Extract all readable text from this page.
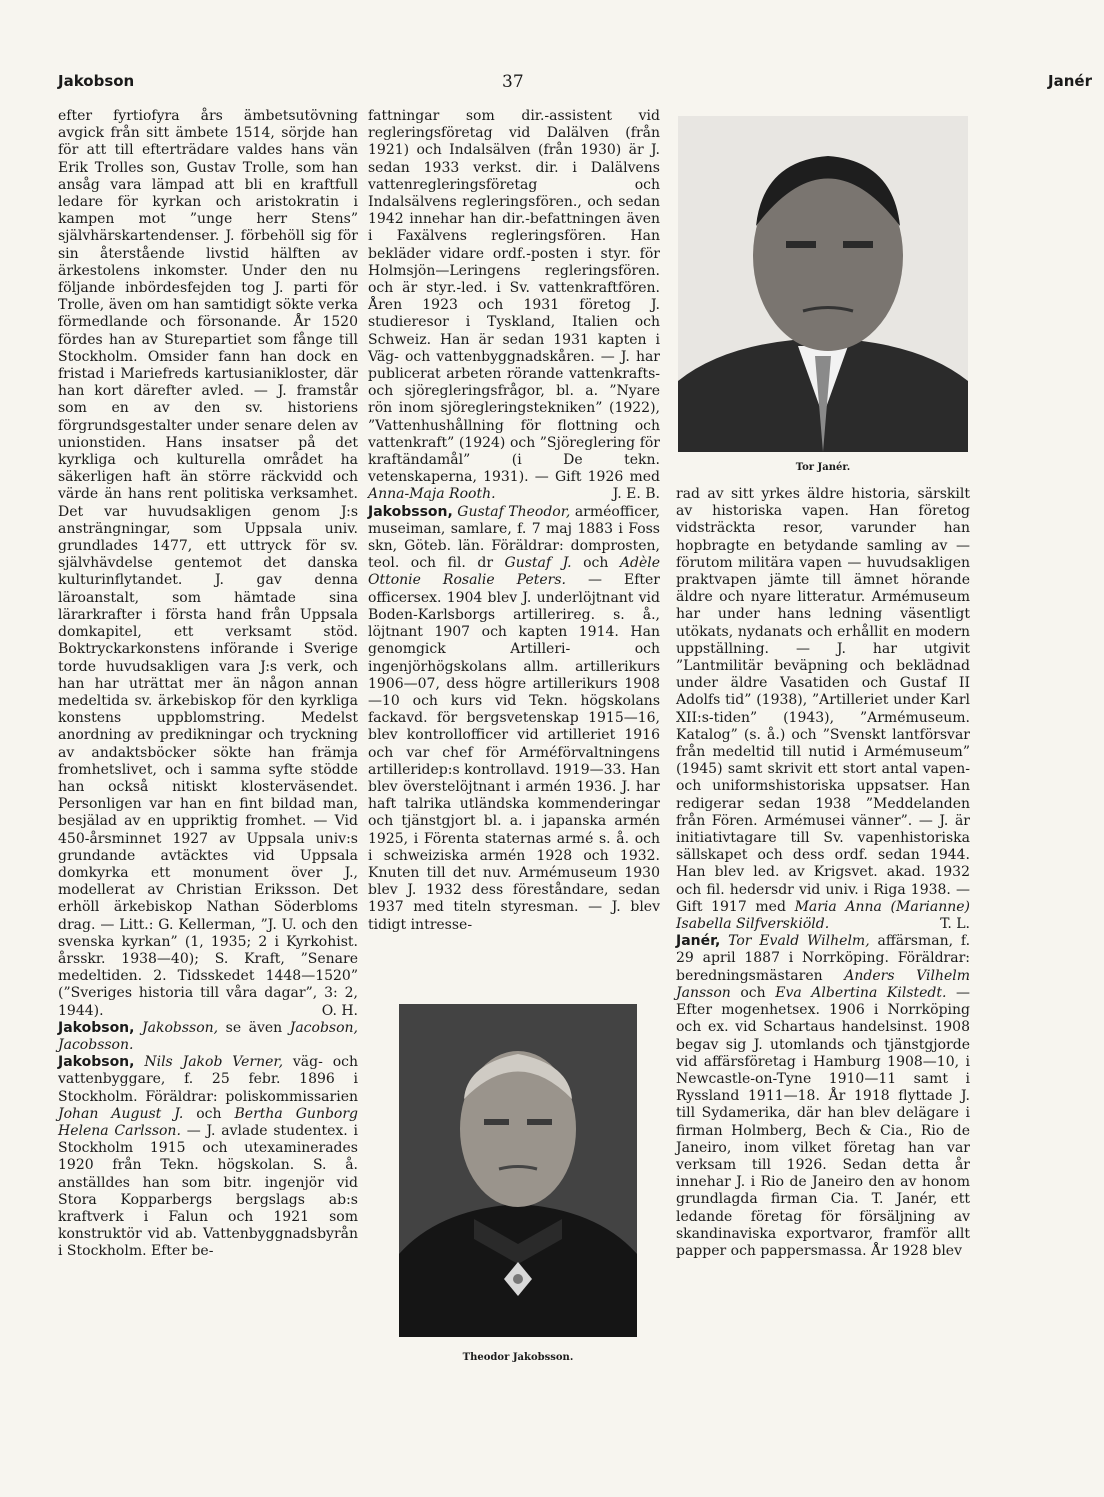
Jakobson	37	Janér

efter fyrtiofyra års ämbetsutövning avgick från sitt ämbete 1514, sörjde han för att till efterträdare valdes hans vän Erik Trolles son, Gustav Trolle, som han ansåg vara lämpad att bli en kraftfull ledare för kyrkan och aristokratin i kampen mot ”unge herr Stens” självhärskartendenser. J. förbehöll sig för sin återstående livstid hälften av ärkestolens inkomster. Under den nu följande inbördesfejden tog J. parti för Trolle, även om han samtidigt sökte verka förmedlande och försonande. År 1520 fördes han av Sturepartiet som fånge till Stockholm. Omsider fann han dock en fristad i Mariefreds kartusianikloster, där han kort därefter avled. — J. framstår som en av den sv. historiens förgrundsgestalter under senare delen av unionstiden. Hans insatser på det kyrkliga och kulturella området ha säkerligen haft än större räckvidd och värde än hans rent politiska verksamhet. Det var huvudsakligen genom J:s ansträngningar, som Uppsala univ. grundlades 1477, ett uttryck för sv. självhävdelse gentemot det danska kulturinflytandet. J. gav denna läroanstalt, som hämtade sina lärarkrafter i första hand från Uppsala domkapitel, ett verksamt stöd. Boktryckarkonstens införande i Sverige torde huvudsakligen vara J:s verk, och han har uträttat mer än någon annan medeltida sv. ärkebiskop för den kyrkliga konstens uppblomstring. Medelst anordning av predikningar och tryckning av andaktsböcker sökte han främja fromhetslivet, och i samma syfte stödde han också nitiskt klosterväsendet. Personligen var han en fint bildad man, besjälad av en uppriktig fromhet. — Vid 450-årsminnet 1927 av Uppsala univ:s grundande avtäcktes vid Uppsala domkyrka ett monument över J., modellerat av Christian Eriksson. Det erhöll ärkebiskop Nathan Söderbloms drag. — Litt.: G. Kellerman, ”J. U. och den svenska kyrkan” (1, 1935; 2 i Kyrkohist. årsskr. 1938—40); S. Kraft, ”Senare medeltiden. 2. Tidsskedet 1448—1520” (”Sveriges historia till våra dagar”, 3: 2, 1944).	O. H.

Jakobson, Jakobsson, se även Jacobson, Jacobsson.

Jakobson, Nils Jakob Verner, väg- och vattenbyggare, f. 25 febr. 1896 i Stockholm. Föräldrar: poliskommissarien Johan August J. och Bertha Gunborg Helena Carlsson. — J. avlade studentex. i Stockholm 1915 och utexaminerades 1920 från Tekn. högskolan. S. å. anställdes han som bitr. ingenjör vid Stora Kopparbergs bergslags ab:s kraftverk i Falun och 1921 som konstruktör vid ab. Vattenbyggnadsbyrån i Stockholm. Efter be-

fattningar som dir.-assistent vid regleringsföretag vid Dalälven (från 1921) och Indalsälven (från 1930) är J. sedan 1933 verkst. dir. i Dalälvens vattenregleringsföretag och Indalsälvens regleringsfören., och sedan 1942 innehar han dir.-befattningen även i Faxälvens regleringsfören. Han bekläder vidare ordf.-posten i styr. för Holmsjön—Leringens regleringsfören. och är styr.-led. i Sv. vattenkraftfören. Åren 1923 och 1931 företog J. studieresor i Tyskland, Italien och Schweiz. Han är sedan 1931 kapten i Väg- och vattenbyggnadskåren. — J. har publicerat arbeten rörande vattenkrafts- och sjöregleringsfrågor, bl. a. ”Nyare rön inom sjöregleringstekniken” (1922), ”Vattenhushållning för flottning och vattenkraft” (1924) och ”Sjöreglering för kraftändamål” (i De tekn. vetenskaperna, 1931). — Gift 1926 med Anna-Maja Rooth.	J. E. B.

Jakobsson, Gustaf Theodor, arméofficer, museiman, samlare, f. 7 maj 1883 i Foss skn, Göteb. län. Föräldrar: domprosten, teol. och fil. dr Gustaf J. och Adèle Ottonie Rosalie Peters. — Efter officersex. 1904 blev J. underlöjtnant vid Boden-Karlsborgs artillerireg. s. å., löjtnant 1907 och kapten 1914. Han genomgick Artilleri- och ingenjörhögskolans allm. artillerikurs 1906—07, dess högre artillerikurs 1908—10 och kurs vid Tekn. högskolans fackavd. för bergsvetenskap 1915—16, blev kontrollofficer vid artilleriet 1916 och var chef för Arméförvaltningens artilleridep:s kontrollavd. 1919—33. Han blev överstelöjtnant i armén 1936. J. har haft talrika utländska kommenderingar och tjänstgjort bl. a. i japanska armén 1925, i Förenta staternas armé s. å. och i schweiziska armén 1928 och 1932. Knuten till det nuv. Armémuseum 1930 blev J. 1932 dess föreståndare, sedan 1937 med titeln styresman. — J. blev tidigt intresse-

Theodor Jakobsson.
Tor Janér.

rad av sitt yrkes äldre historia, särskilt av historiska vapen. Han företog vidsträckta resor, varunder han hopbragte en betydande samling av — förutom militära vapen — huvudsakligen praktvapen jämte till ämnet hörande äldre och nyare litteratur. Armémuseum har under hans ledning väsentligt utökats, nydanats och erhållit en modern uppställning. — J. har utgivit ”Lantmilitär beväpning och beklädnad under äldre Vasatiden och Gustaf II Adolfs tid” (1938), ”Artilleriet under Karl XII:s-tiden” (1943), ”Armémuseum. Katalog” (s. å.) och ”Svenskt lantförsvar från medeltid till nutid i Armémuseum” (1945) samt skrivit ett stort antal vapen- och uniformshistoriska uppsatser. Han redigerar sedan 1938 ”Meddelanden från Fören. Armémusei vänner”. — J. är initiativtagare till Sv. vapenhistoriska sällskapet och dess ordf. sedan 1944. Han blev led. av Krigsvet. akad. 1932 och fil. hedersdr vid univ. i Riga 1938. — Gift 1917 med Maria Anna (Marianne) Isabella Silfverskiöld.	T. L.

Janér, Tor Evald Wilhelm, affärsman, f. 29 april 1887 i Norrköping. Föräldrar: beredningsmästaren Anders Vilhelm Jansson och Eva Albertina Kilstedt. — Efter mogenhetsex. 1906 i Norrköping och ex. vid Schartaus handelsinst. 1908 begav sig J. utomlands och tjänstgjorde vid affärsföretag i Hamburg 1908—10, i Newcastle-on-Tyne 1910—11 samt i Ryssland 1911—18. År 1918 flyttade J. till Sydamerika, där han blev delägare i firman Holmberg, Bech & Cia., Rio de Janeiro, inom vilket företag han var verksam till 1926. Sedan detta år innehar J. i Rio de Janeiro den av honom grundlagda firman Cia. T. Janér, ett ledande företag för försäljning av skandinaviska exportvaror, framför allt papper och pappersmassa. År 1928 blev
